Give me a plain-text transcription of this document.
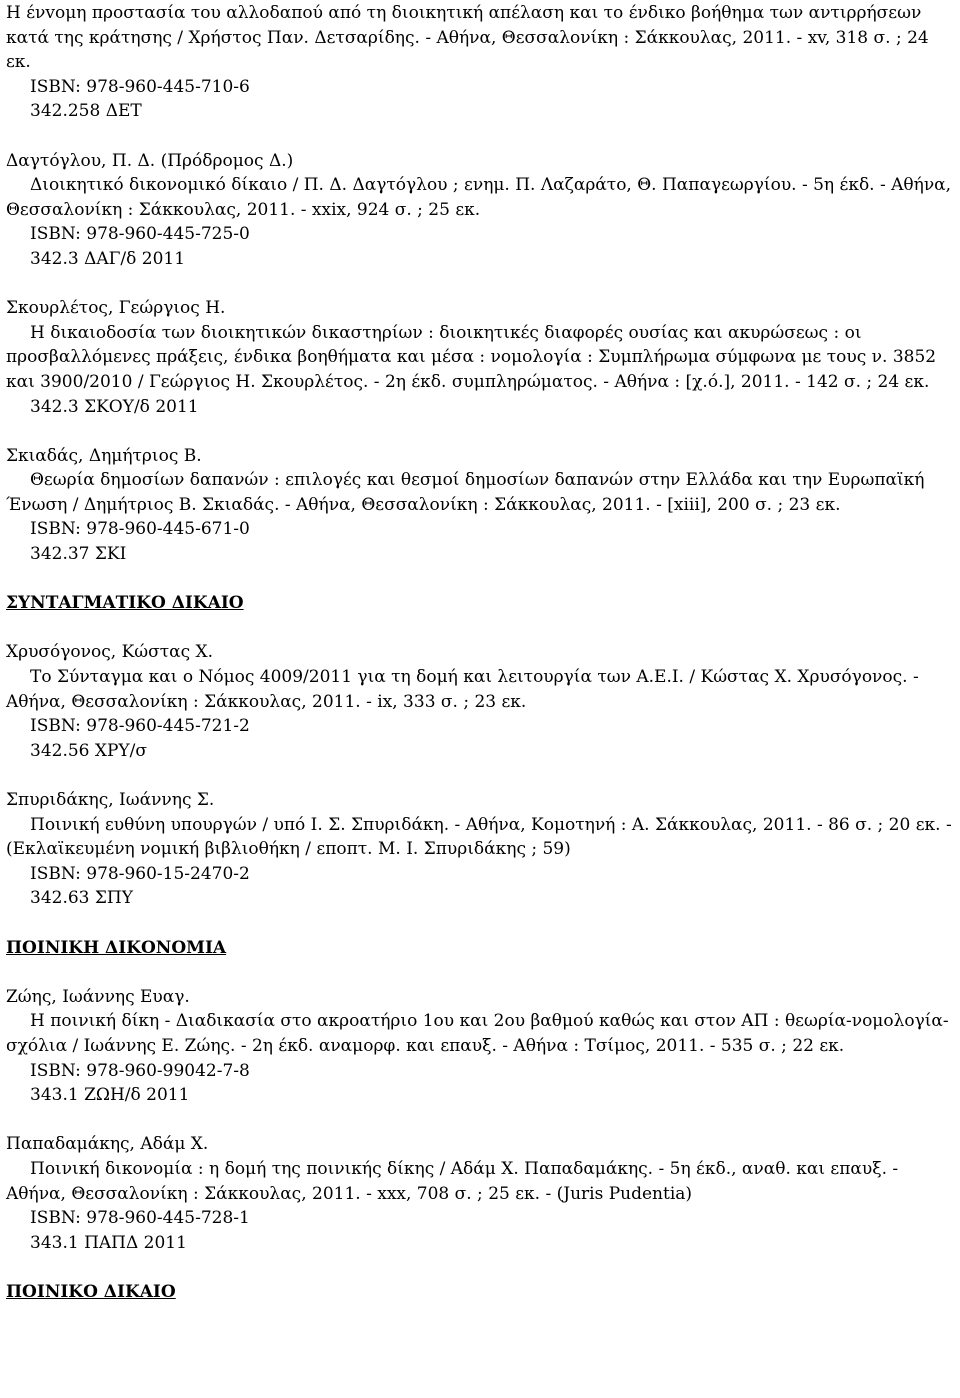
Η ένvομη προστασία του αλλοδαπού από τη διοικητική απέλαση και το ένδικο βοήθημα των αντιρρήσεων κατά της κράτησης / Χρήστος Παν. Δετσαρίδης. - Αθήνα, Θεσσαλονίκη : Σάκκουλας, 2011. - xv, 318 σ. ; 24 εκ.

ISBN: 978-960-445-710-6

342.258 ΔΕΤ

Δαγτόγλου, Π. Δ. (Πρόδρομος Δ.)

Διοικητικό δικονομικό δίκαιο / Π. Δ. Δαγτόγλου ; ενημ. Π. Λαζαράτο, Θ. Παπαγεωργίου. - 5η έκδ. - Αθήνα, Θεσσαλονίκη : Σάκκουλας, 2011. - xxix, 924 σ. ; 25 εκ.

ISBN: 978-960-445-725-0

342.3 ΔΑΓ/δ 2011

Σκουρλέτος, Γεώργιος Η.

Η δικαιοδοσία των διοικητικών δικαστηρίων : διοικητικές διαφορές ουσίας και ακυρώσεως : οι προσβαλλόμενες πράξεις, ένδικα βοηθήματα και μέσα : νομολογία : Συμπλήρωμα σύμφωνα με τους ν. 3852 και 3900/2010 / Γεώργιος Η. Σκουρλέτος. - 2η έκδ. συμπληρώματος. - Αθήνα : [χ.ό.], 2011. - 142 σ. ; 24 εκ.

342.3 ΣΚΟΥ/δ 2011

Σκιαδάς, Δημήτριος Β.

Θεωρία δημοσίων δαπανών : επιλογές και θεσμοί δημοσίων δαπανών στην Ελλάδα και την Ευρωπαϊκή Ένωση / Δημήτριος Β. Σκιαδάς. - Αθήνα, Θεσσαλονίκη : Σάκκουλας, 2011. - [xiii], 200 σ. ; 23 εκ.

ISBN: 978-960-445-671-0

342.37 ΣΚΙ

ΣΥΝΤΑΓΜΑΤΙΚΟ ΔΙΚΑΙΟ

Χρυσόγονος, Κώστας Χ.

Το Σύνταγμα και ο Νόμος 4009/2011 για τη δομή και λειτουργία των Α.Ε.Ι. / Κώστας Χ. Χρυσόγονος. - Αθήνα, Θεσσαλονίκη : Σάκκουλας, 2011. - ix, 333 σ. ; 23 εκ.

ISBN: 978-960-445-721-2

342.56 ΧΡΥ/σ

Σπυριδάκης, Ιωάννης Σ.

Ποινική ευθύνη υπουργών / υπό Ι. Σ. Σπυριδάκη. - Αθήνα, Κομοτηνή : Α. Σάκκουλας, 2011. - 86 σ. ; 20 εκ. - (Εκλαϊκευμένη νομική βιβλιοθήκη / εποπτ. Μ. Ι. Σπυριδάκης ; 59)

ISBN: 978-960-15-2470-2

342.63 ΣΠΥ

ΠΟΙΝΙΚΗ ΔΙΚΟΝΟΜΙΑ

Ζώης, Ιωάννης Ευαγ.

Η ποινική δίκη - Διαδικασία στο ακροατήριο 1ου και 2ου βαθμού καθώς και στον ΑΠ : θεωρία-νομολογία-σχόλια / Ιωάννης Ε. Ζώης. - 2η έκδ. αναμορφ. και επαυξ. - Αθήνα : Τσίμος, 2011. - 535 σ. ; 22 εκ.

ISBN: 978-960-99042-7-8

343.1 ΖΩΗ/δ 2011

Παπαδαμάκης, Αδάμ Χ.

Ποινική δικονομία : η δομή της ποινικής δίκης / Αδάμ Χ. Παπαδαμάκης. - 5η έκδ., αναθ. και επαυξ. - Αθήνα, Θεσσαλονίκη : Σάκκουλας, 2011. - xxx, 708 σ. ; 25 εκ. - (Juris Pudentia)

ISBN: 978-960-445-728-1

343.1 ΠΑΠΔ 2011

ΠΟΙΝΙΚΟ ΔΙΚΑΙΟ
